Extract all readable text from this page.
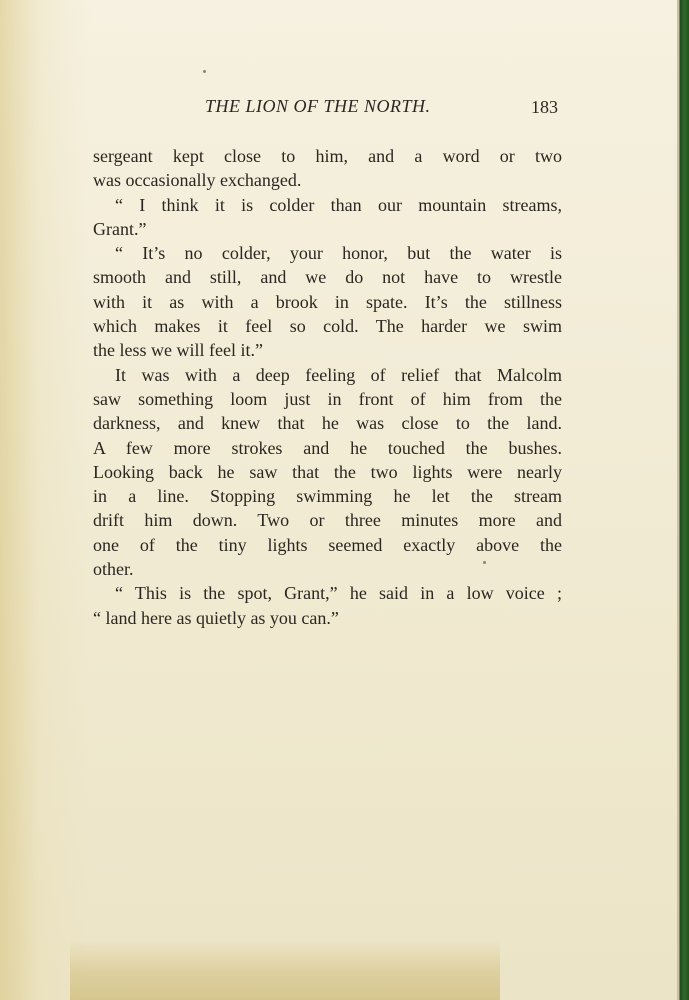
THE LION OF THE NORTH.	183
sergeant kept close to him, and a word or two
was occasionally exchanged.
“ I think it is colder than our mountain streams,
Grant.”
“ It’s no colder, your honor, but the water is
smooth and still, and we do not have to wrestle
with it as with a brook in spate. It’s the stillness
which makes it feel so cold. The harder we swim
the less we will feel it.”
It was with a deep feeling of relief that Malcolm
saw something loom just in front of him from the
darkness, and knew that he was close to the land.
A few more strokes and he touched the bushes.
Looking back he saw that the two lights were nearly
in a line. Stopping swimming he let the stream
drift him down. Two or three minutes more and
one of the tiny lights seemed exactly above the
other.
“ This is the spot, Grant,” he said in a low voice ;
“ land here as quietly as you can.”
